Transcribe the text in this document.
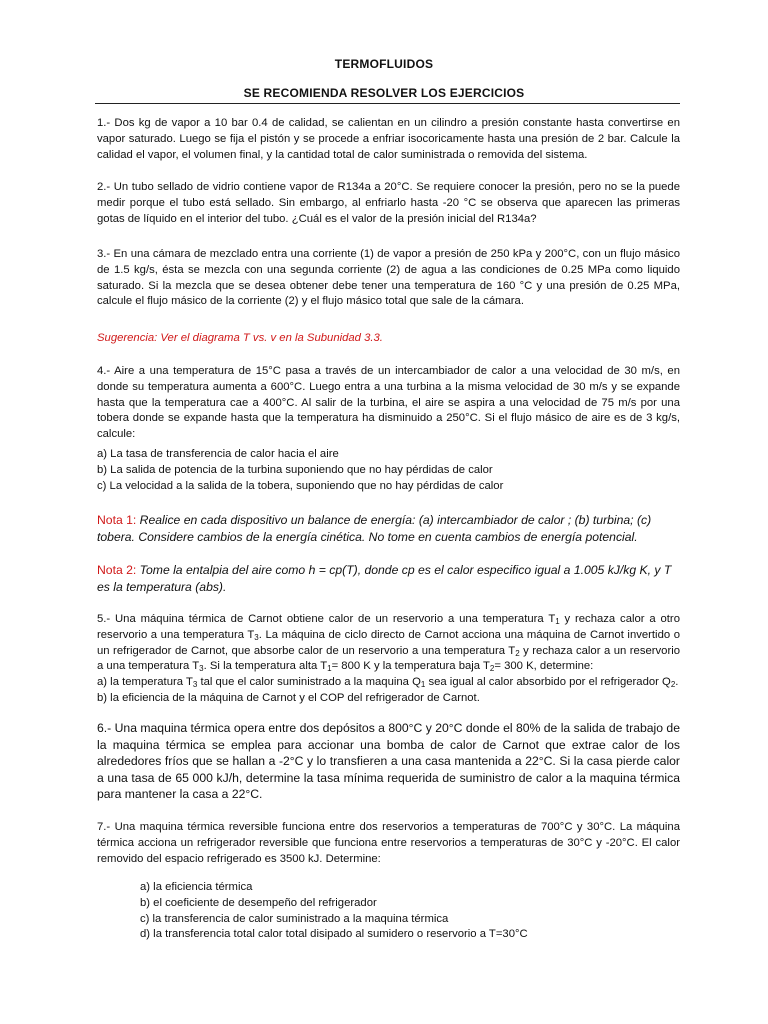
TERMOFLUIDOS
SE RECOMIENDA RESOLVER LOS EJERCICIOS

1.- Dos kg de vapor a 10 bar 0.4 de calidad, se calientan en un cilindro a presión constante hasta convertirse en vapor saturado. Luego se fija el pistón y se procede a enfriar isocoricamente hasta una presión de 2 bar. Calcule la calidad el vapor, el volumen final, y la cantidad total de calor suministrada o removida del sistema.

2.- Un tubo sellado de vidrio contiene vapor de R134a a 20°C. Se requiere conocer la presión, pero no se la puede medir porque el tubo está sellado. Sin embargo, al enfriarlo hasta -20 °C se observa que aparecen las primeras gotas de líquido en el interior del tubo. ¿Cuál es el valor de la presión inicial del R134a?

3.- En una cámara de mezclado entra una corriente (1) de vapor a presión de 250 kPa y 200°C, con un flujo másico de 1.5 kg/s, ésta se mezcla con una segunda corriente (2) de agua a las condiciones de 0.25 MPa como liquido saturado. Si la mezcla que se desea obtener debe tener una temperatura de 160 °C y una presión de 0.25 MPa, calcule el flujo másico de la corriente (2) y el flujo másico total que sale de la cámara.

Sugerencia: Ver el diagrama T vs. v en la Subunidad 3.3.

4.- Aire a una temperatura de 15°C pasa a través de un intercambiador de calor a una velocidad de 30 m/s, en donde su temperatura aumenta a 600°C. Luego entra a una turbina a la misma velocidad de 30 m/s y se expande hasta que la temperatura cae a 400°C. Al salir de la turbina, el aire se aspira a una velocidad de 75 m/s por una tobera donde se expande hasta que la temperatura ha disminuido a 250°C. Si el flujo másico de aire es de 3 kg/s, calcule:

a) La tasa de transferencia de calor hacia el aire
b) La salida de potencia de la turbina suponiendo que no hay pérdidas de calor
c) La velocidad a la salida de la tobera, suponiendo que no hay pérdidas de calor

Nota 1: Realice en cada dispositivo un balance de energía: (a) intercambiador de calor ; (b) turbina; (c) tobera. Considere cambios de la energía cinética. No tome en cuenta cambios de energía potencial.

Nota 2: Tome la entalpia del aire como h = cp(T), donde cp es el calor especifico igual a 1.005 kJ/kg K, y T es la temperatura (abs).

5.- Una máquina térmica de Carnot obtiene calor de un reservorio a una temperatura $T_1$ y rechaza calor a otro reservorio a una temperatura $T_3$. La máquina de ciclo directo de Carnot acciona una máquina de Carnot invertido o un refrigerador de Carnot, que absorbe calor de un reservorio a una temperatura $T_2$ y rechaza calor a un reservorio a una temperatura $T_3$. Si la temperatura alta $T_1= 800$ K y la temperatura baja $T_2= 300$ K, determine:

a) la temperatura $T_3$ tal que el calor suministrado a la maquina $Q_1$ sea igual al calor absorbido por el refrigerador $Q_2$.
b) la eficiencia de la máquina de Carnot y el COP del refrigerador de Carnot.

6.- Una maquina térmica opera entre dos depósitos a 800°C y 20°C donde el 80% de la salida de trabajo de la maquina térmica se emplea para accionar una bomba de calor de Carnot que extrae calor de los alrededores fríos que se hallan a -2°C y lo transfieren a una casa mantenida a 22°C. Si la casa pierde calor a una tasa de 65 000 kJ/h, determine la tasa mínima requerida de suministro de calor a la maquina térmica para mantener la casa a 22°C.

7.- Una maquina térmica reversible funciona entre dos reservorios a temperaturas de 700°C y 30°C. La máquina térmica acciona un refrigerador reversible que funciona entre reservorios a temperaturas de 30°C y -20°C. El calor removido del espacio refrigerado es 3500 kJ. Determine:

a) la eficiencia térmica
b) el coeficiente de desempeño del refrigerador
c) la transferencia de calor suministrado a la maquina térmica
d) la transferencia total calor total disipado al sumidero o reservorio a T=30°C
